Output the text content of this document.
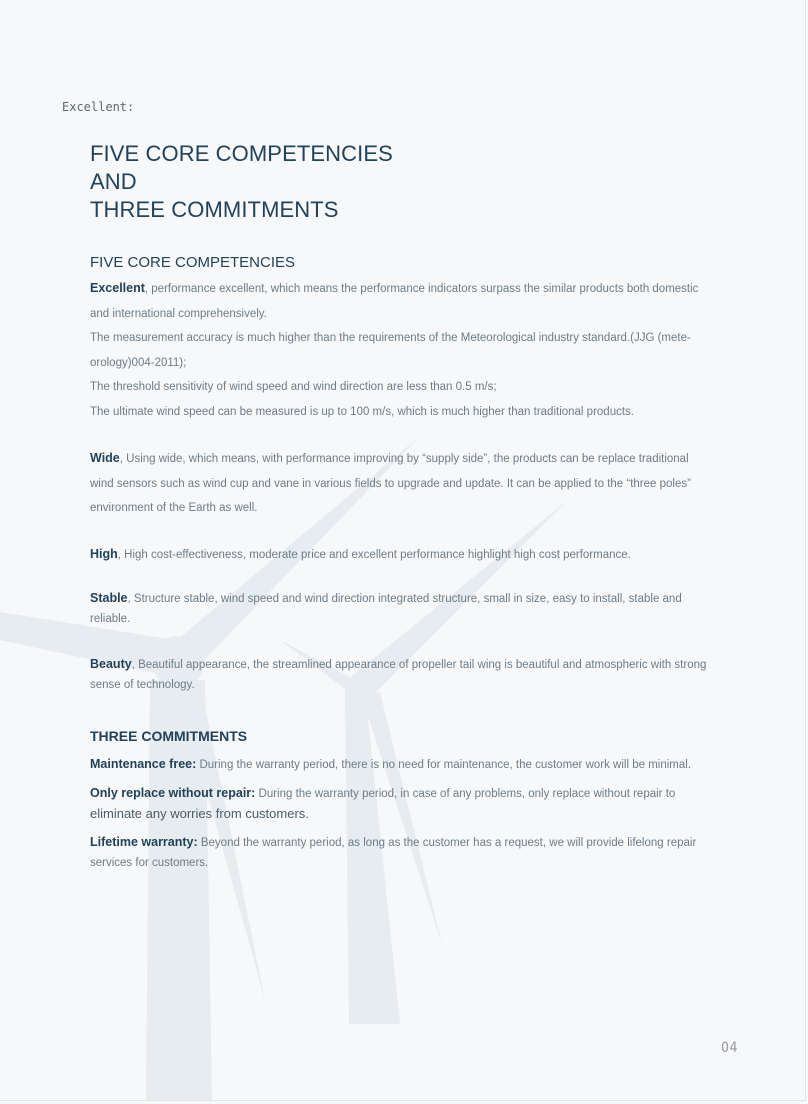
Excellent:
FIVE CORE COMPETENCIES
AND
THREE COMMITMENTS
FIVE CORE COMPETENCIES
Excellent, performance excellent, which means the performance indicators surpass the similar products both domestic
and international comprehensively.
The measurement accuracy is much higher than the requirements of the Meteorological industry standard.(JJG (mete-
orology)004-2011);
The threshold sensitivity of wind speed and wind direction are less than 0.5 m/s;
The ultimate wind speed can be measured is up to 100 m/s, which is much higher than traditional products.
Wide, Using wide, which means, with performance improving by “supply side”, the products can be replace traditional
wind sensors such as wind cup and vane in various fields to upgrade and update. It can be applied to the “three poles”
environment of the Earth as well.
High, High cost-effectiveness, moderate price and excellent performance highlight high cost performance.
Stable, Structure stable, wind speed and wind direction integrated structure, small in size, easy to install, stable and
reliable.
Beauty, Beautiful appearance, the streamlined appearance of propeller tail wing is beautiful and atmospheric with strong
sense of technology.
THREE COMMITMENTS
Maintenance free: During the warranty period, there is no need for maintenance, the customer work will be minimal.
Only replace without repair: During the warranty period, in case of any problems, only replace without repair to
eliminate any worries from customers.
Lifetime warranty: Beyond the warranty period, as long as the customer has a request, we will provide lifelong repair
services for customers.
04
